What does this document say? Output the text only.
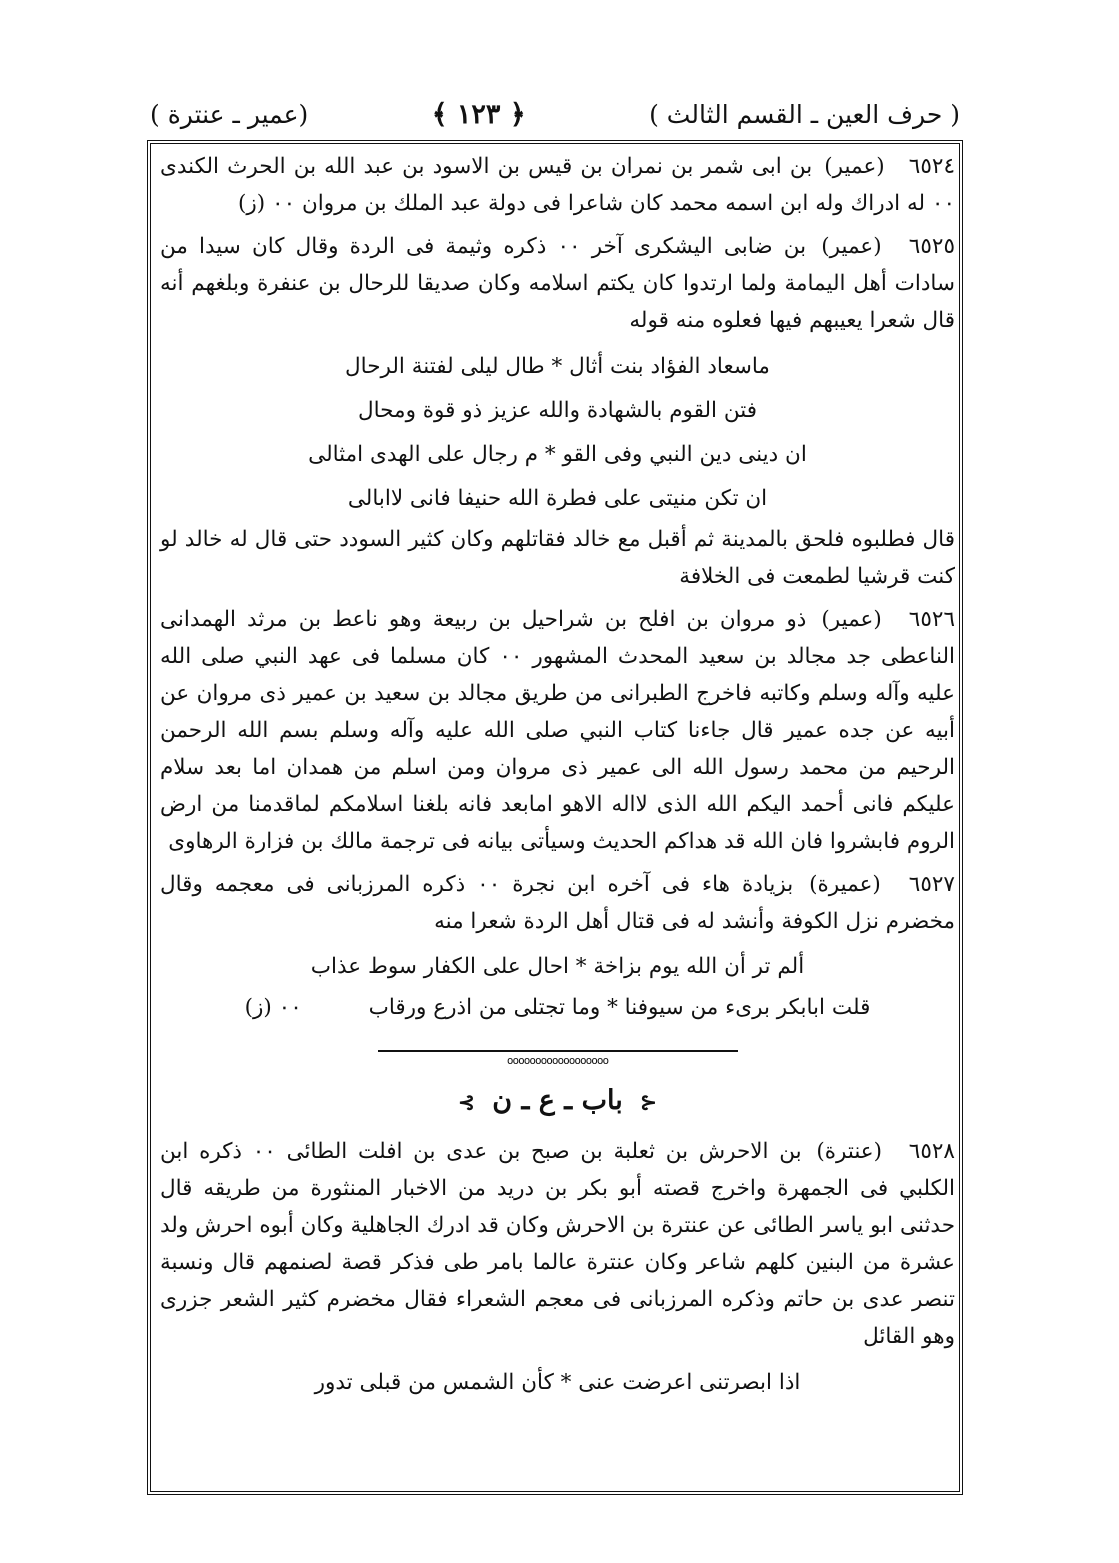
( حرف العين ـ القسم الثالث )
﴿ ١٢٣ ﴾
(عمير ـ عنترة )

٦٥٢٤ (عمير) بن ابى شمر بن نمران بن قيس بن الاسود بن عبد الله بن الحرث الكندى ٠٠ له ادراك وله ابن اسمه محمد كان شاعرا فى دولة عبد الملك بن مروان ٠٠ (ز)

٦٥٢٥ (عمير) بن ضابى اليشكرى آخر ٠٠ ذكره وثيمة فى الردة وقال كان سيدا من سادات أهل اليمامة ولما ارتدوا كان يكتم اسلامه وكان صديقا للرحال بن عنفرة وبلغهم أنه قال شعرا يعيبهم فيها فعلوه منه قوله

ماسعاد الفؤاد بنت أثال * طال ليلى لفتنة الرحال
فتن القوم بالشهادة والله عزيز ذو قوة ومحال
ان دينى دين النبي وفى القو * م رجال على الهدى امثالى
ان تكن منيتى على فطرة الله حنيفا فانى لاابالى

قال فطلبوه فلحق بالمدينة ثم أقبل مع خالد فقاتلهم وكان كثير السودد حتى قال له خالد لو كنت قرشيا لطمعت فى الخلافة

٦٥٢٦ (عمير) ذو مروان بن افلح بن شراحيل بن ربيعة وهو ناعط بن مرثد الهمدانى الناعطى جد مجالد بن سعيد المحدث المشهور ٠٠ كان مسلما فى عهد النبي صلى الله عليه وآله وسلم وكاتبه فاخرج الطبرانى من طريق مجالد بن سعيد بن عمير ذى مروان عن أبيه عن جده عمير قال جاءنا كتاب النبي صلى الله عليه وآله وسلم بسم الله الرحمن الرحيم من محمد رسول الله الى عمير ذى مروان ومن اسلم من همدان اما بعد سلام عليكم فانى أحمد اليكم الله الذى لااله الاهو امابعد فانه بلغنا اسلامكم لماقدمنا من ارض الروم فابشروا فان الله قد هداكم الحديث وسيأتى بيانه فى ترجمة مالك بن فزارة الرهاوى

٦٥٢٧ (عميرة) بزيادة هاء فى آخره ابن نجرة ٠٠ ذكره المرزبانى فى معجمه وقال مخضرم نزل الكوفة وأنشد له فى قتال أهل الردة شعرا منه

ألم تر أن الله يوم بزاخة * احال على الكفار سوط عذاب
قلت ابابكر برىء من سيوفنا * وما تجتلى من اذرع ورقاب ٠٠ (ز)
oooooooooooooooooo
⊰ باب ـ ع ـ ن ⊱

٦٥٢٨ (عنترة) بن الاحرش بن ثعلبة بن صبح بن عدى بن افلت الطائى ٠٠ ذكره ابن الكلبي فى الجمهرة واخرج قصته أبو بكر بن دريد من الاخبار المنثورة من طريقه قال حدثنى ابو ياسر الطائى عن عنترة بن الاحرش وكان قد ادرك الجاهلية وكان أبوه احرش ولد عشرة من البنين كلهم شاعر وكان عنترة عالما بامر طى فذكر قصة لصنمهم قال ونسبة تنصر عدى بن حاتم وذكره المرزبانى فى معجم الشعراء فقال مخضرم كثير الشعر جزرى وهو القائل

اذا ابصرتنى اعرضت عنى * كأن الشمس من قبلى تدور
